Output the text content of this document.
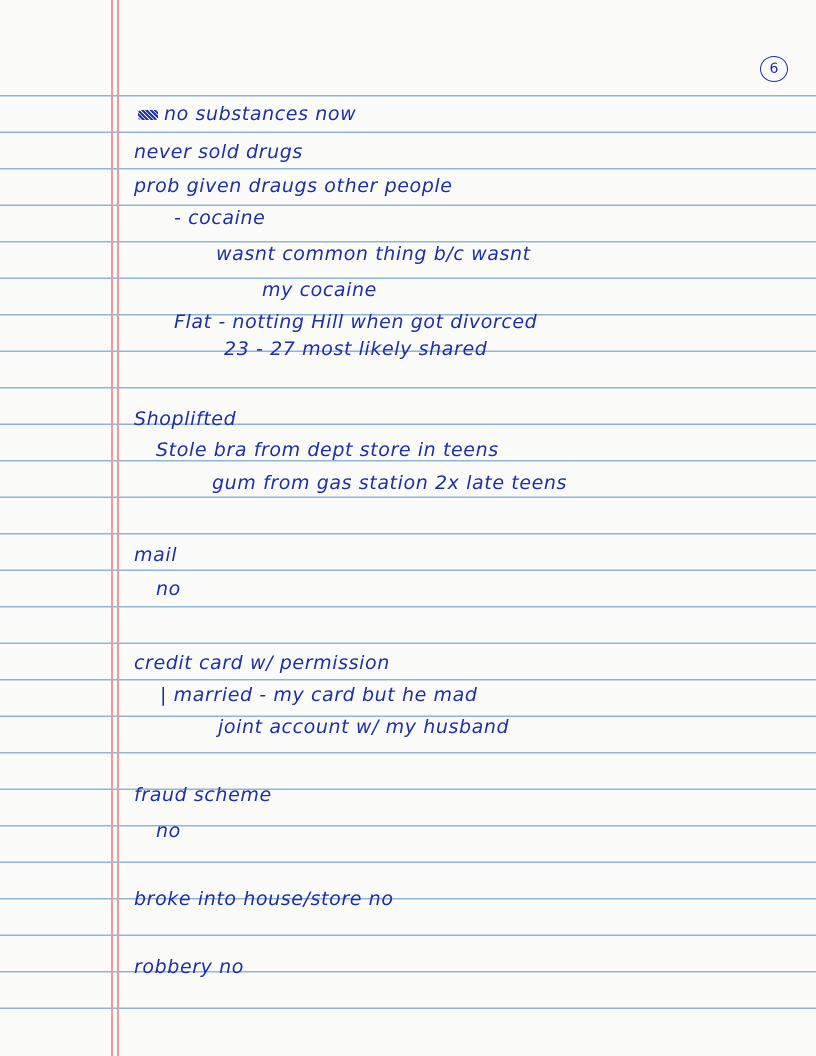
6
no substances now
never sold drugs
prob given draugs other people
- cocaine
wasnt common thing b/c wasnt
my cocaine
Flat - notting Hill when got divorced
23 - 27 most likely shared
Shoplifted
Stole bra from dept store in teens
gum from gas station 2x late teens
mail
no
credit card w/ permission
| married - my card but he mad
joint account w/ my husband
fraud scheme
no
broke into house/store no
robbery no
